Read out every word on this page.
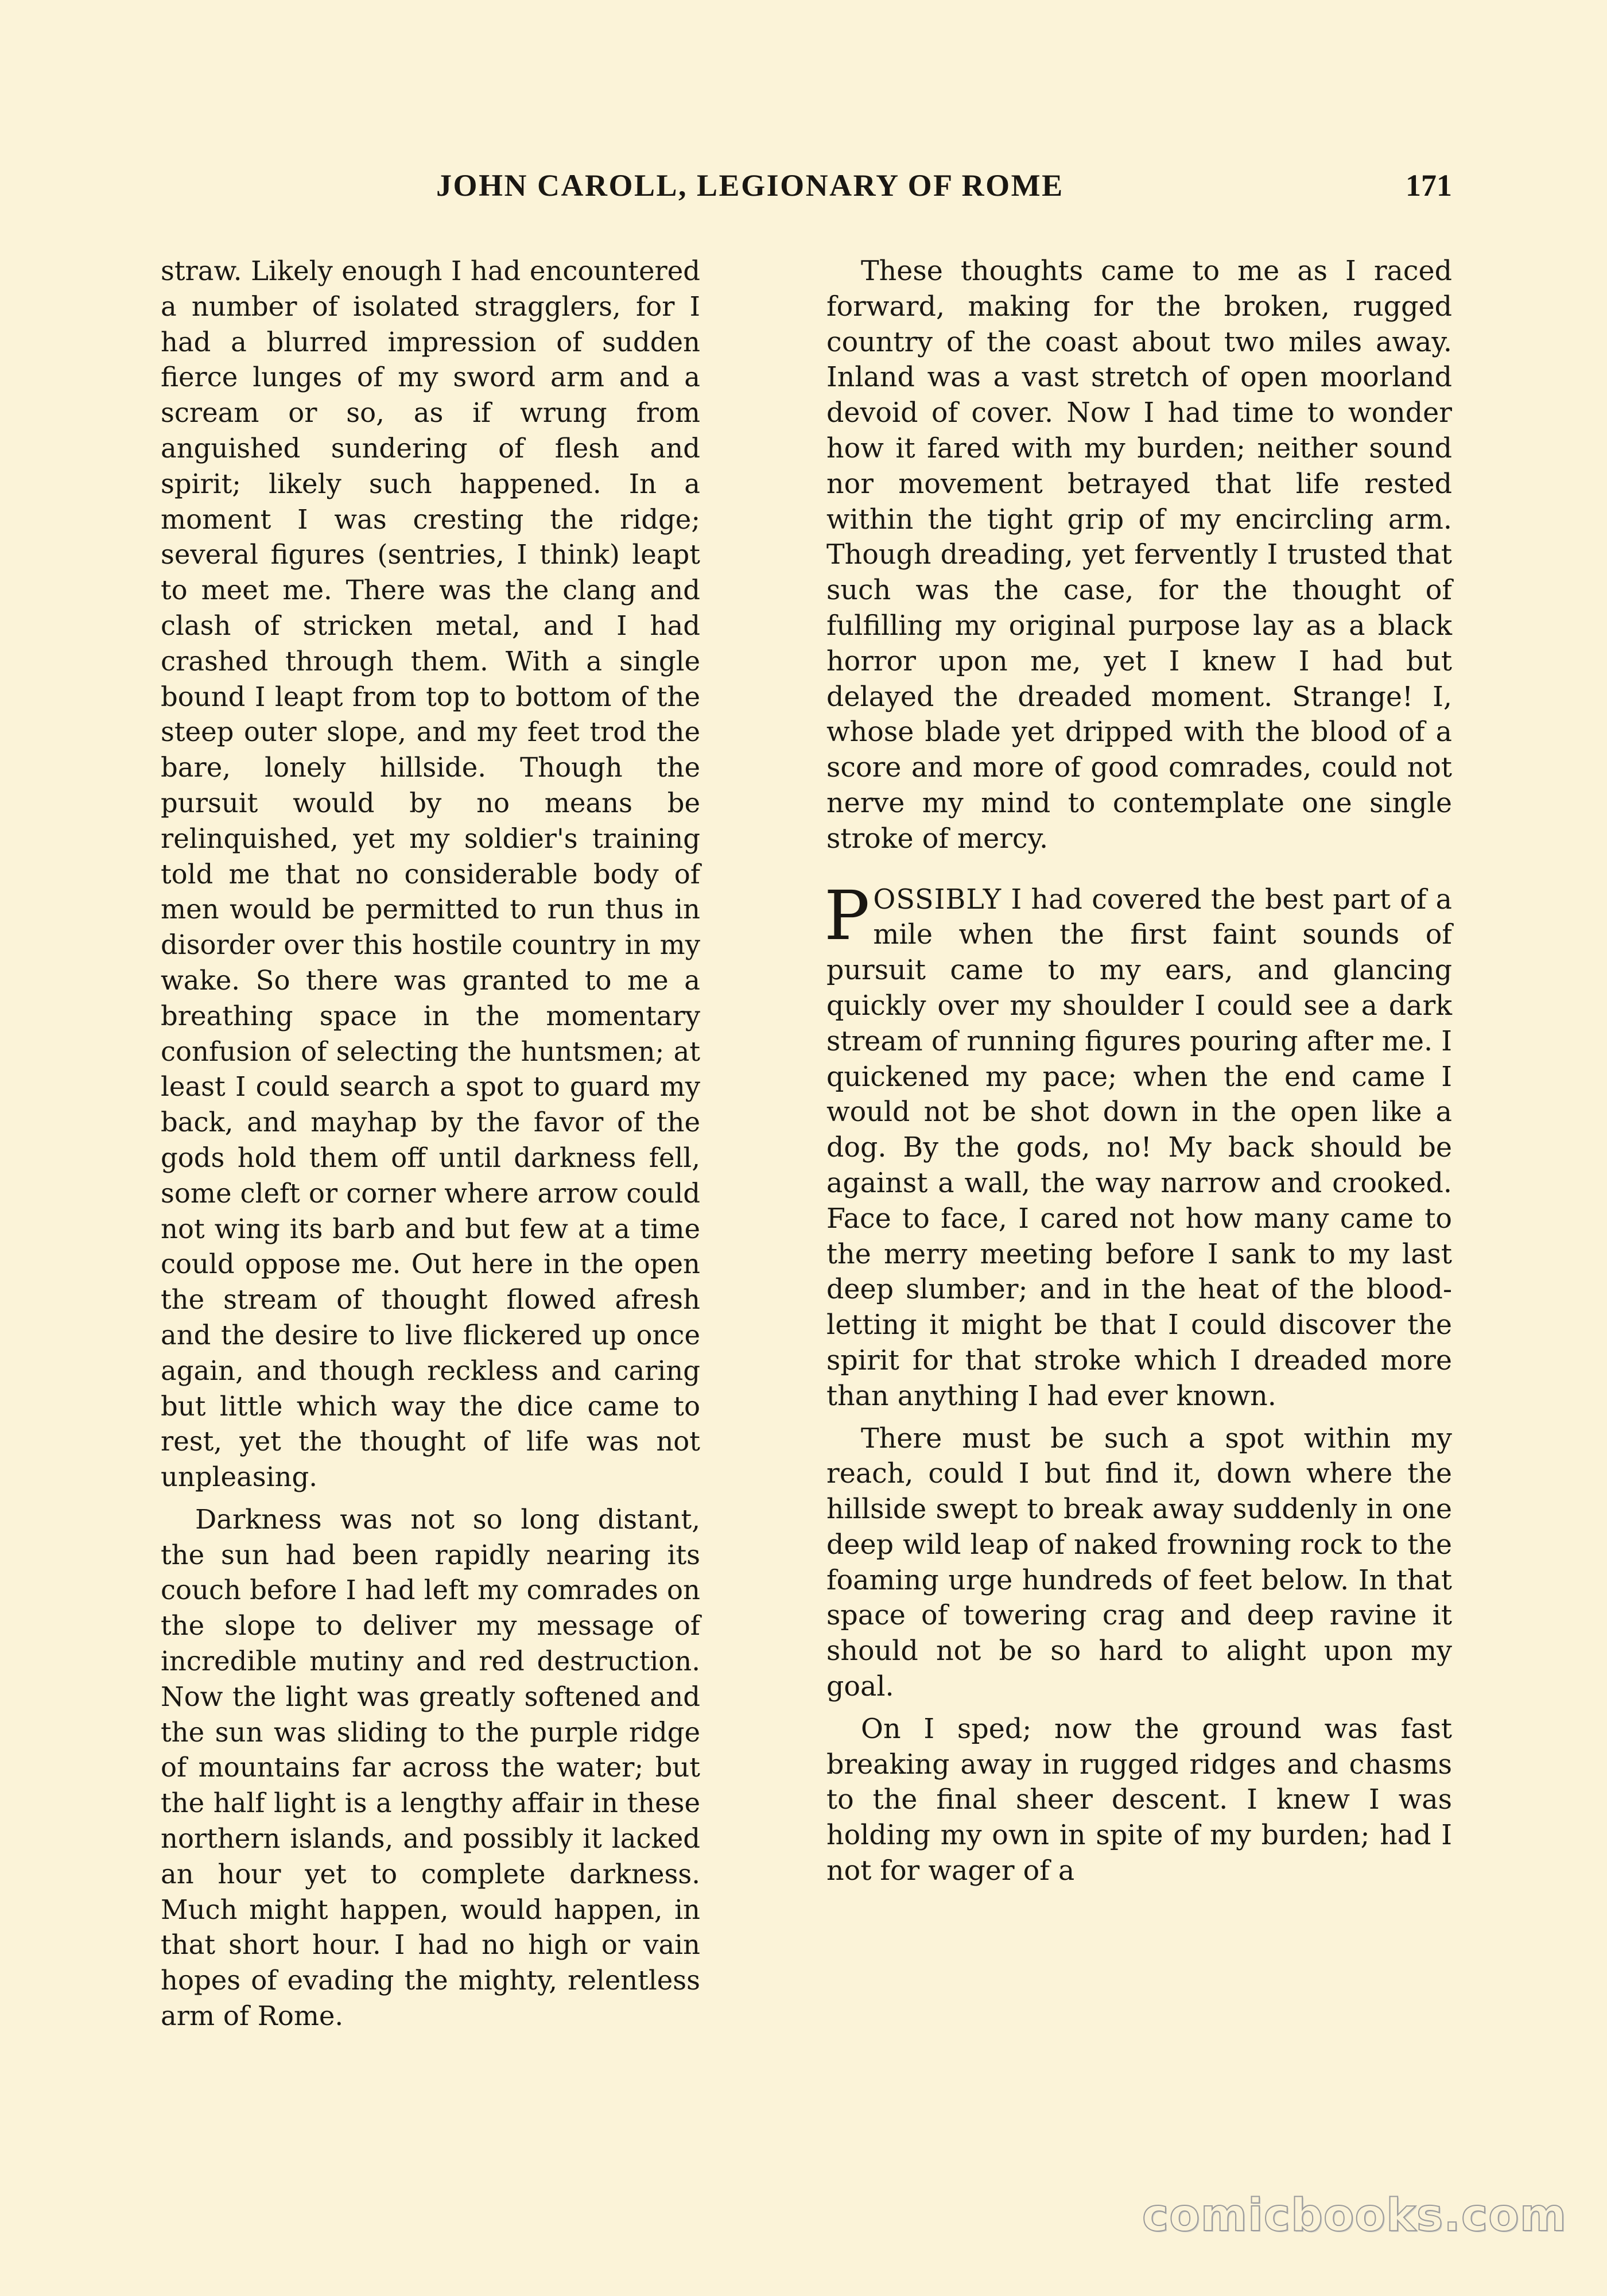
JOHN CAROLL, LEGIONARY OF ROME	171

straw. Likely enough I had encountered a number of isolated stragglers, for I had a blurred impression of sudden fierce lunges of my sword arm and a scream or so, as if wrung from anguished sundering of flesh and spirit; likely such happened. In a moment I was cresting the ridge; several figures (sentries, I think) leapt to meet me. There was the clang and clash of stricken metal, and I had crashed through them. With a single bound I leapt from top to bottom of the steep outer slope, and my feet trod the bare, lonely hillside. Though the pursuit would by no means be relinquished, yet my soldier's training told me that no considerable body of men would be permitted to run thus in disorder over this hostile country in my wake. So there was granted to me a breathing space in the momentary confusion of selecting the huntsmen; at least I could search a spot to guard my back, and mayhap by the favor of the gods hold them off until darkness fell, some cleft or corner where arrow could not wing its barb and but few at a time could oppose me. Out here in the open the stream of thought flowed afresh and the desire to live flickered up once again, and though reckless and caring but little which way the dice came to rest, yet the thought of life was not unpleasing.

Darkness was not so long distant, the sun had been rapidly nearing its couch before I had left my comrades on the slope to deliver my message of incredible mutiny and red destruction. Now the light was greatly softened and the sun was sliding to the purple ridge of mountains far across the water; but the half light is a lengthy affair in these northern islands, and possibly it lacked an hour yet to complete darkness. Much might happen, would happen, in that short hour. I had no high or vain hopes of evading the mighty, relentless arm of Rome.

These thoughts came to me as I raced forward, making for the broken, rugged country of the coast about two miles away. Inland was a vast stretch of open moorland devoid of cover. Now I had time to wonder how it fared with my burden; neither sound nor movement betrayed that life rested within the tight grip of my encircling arm. Though dreading, yet fervently I trusted that such was the case, for the thought of fulfilling my original purpose lay as a black horror upon me, yet I knew I had but delayed the dreaded moment. Strange! I, whose blade yet dripped with the blood of a score and more of good comrades, could not nerve my mind to contemplate one single stroke of mercy.

POSSIBLY I had covered the best part of a mile when the first faint sounds of pursuit came to my ears, and glancing quickly over my shoulder I could see a dark stream of running figures pouring after me. I quickened my pace; when the end came I would not be shot down in the open like a dog. By the gods, no! My back should be against a wall, the way narrow and crooked. Face to face, I cared not how many came to the merry meeting before I sank to my last deep slumber; and in the heat of the blood-letting it might be that I could discover the spirit for that stroke which I dreaded more than anything I had ever known.

There must be such a spot within my reach, could I but find it, down where the hillside swept to break away suddenly in one deep wild leap of naked frowning rock to the foaming urge hundreds of feet below. In that space of towering crag and deep ravine it should not be so hard to alight upon my goal.

On I sped; now the ground was fast breaking away in rugged ridges and chasms to the final sheer descent. I knew I was holding my own in spite of my burden; had I not for wager of a

comicbooks.com
